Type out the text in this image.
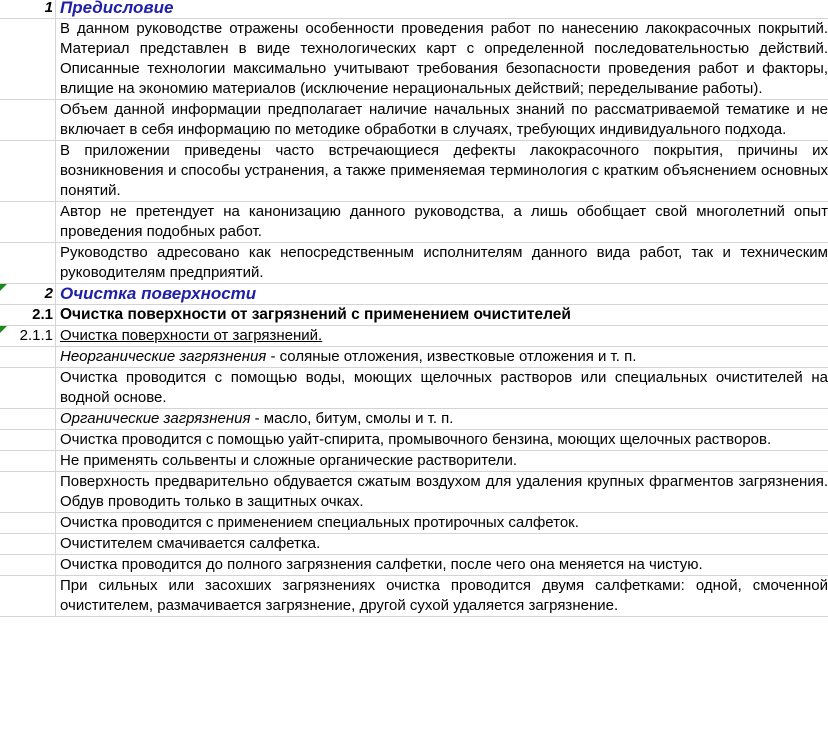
1 Предисловие
В данном руководстве отражены особенности проведения работ по нанесению лакокрасочных покрытий. Материал представлен в виде технологических карт с определенной последовательностью действий. Описанные технологии максимально учитывают требования безопасности проведения работ и факторы, влищие на экономию материалов (исключение нерациональных действий; переделывание работы).
Объем данной информации предполагает наличие начальных знаний по рассматриваемой тематике и не включает в себя информацию по методике обработки в случаях, требующих индивидуального подхода.
В приложении приведены часто встречающиеся дефекты лакокрасочного покрытия, причины их возникновения и способы устранения, а также применяемая терминология с кратким объяснением основных понятий.
Автор не претендует на канонизацию данного руководства, а лишь обобщает свой многолетний опыт проведения подобных работ.
Руководство адресовано как непосредственным исполнителям данного вида работ, так и техническим руководителям предприятий.
2 Очистка поверхности
2.1 Очистка поверхности от загрязнений с применением очистителей
2.1.1 Очистка поверхности от загрязнений.
Неорганические загрязнения - соляные отложения, известковые отложения и т. п.
Очистка проводится с помощью воды, моющих щелочных растворов или специальных очистителей на водной основе.
Органические загрязнения - масло, битум, смолы и т. п.
Очистка проводится с помощью уайт-спирита, промывочного бензина, моющих щелочных растворов.
Не применять сольвенты и сложные органические растворители.
Поверхность предварительно обдувается сжатым воздухом для удаления крупных фрагментов загрязнения. Обдув проводить только в защитных очках.
Очистка проводится с применением специальных протирочных салфеток.
Очистителем смачивается салфетка.
Очистка проводится до полного загрязнения салфетки, после чего она меняется на чистую.
При сильных или засохших загрязнениях очистка проводится двумя салфетками: одной, смоченной очистителем, размачивается загрязнение, другой сухой удаляется загрязнение.
